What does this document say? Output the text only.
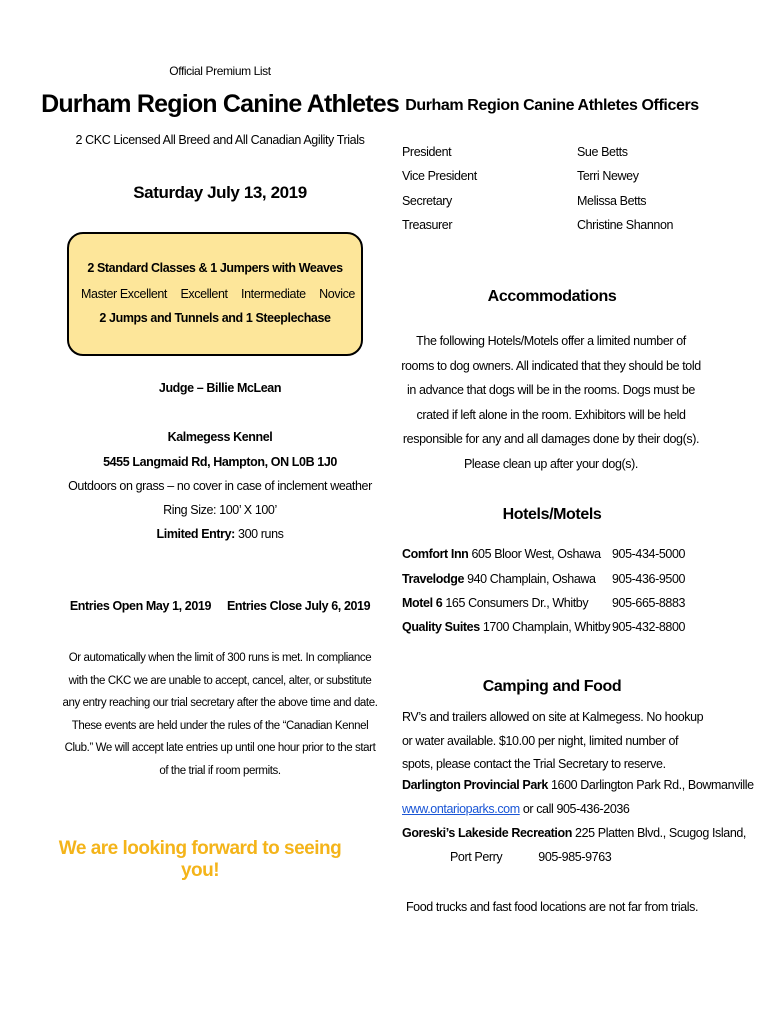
Official Premium List
Durham Region Canine Athletes
2 CKC Licensed All Breed and All Canadian Agility Trials
Saturday July 13, 2019
2 Standard Classes & 1 Jumpers with Weaves
Master Excellent Excellent Intermediate Novice
2 Jumps and Tunnels and 1 Steeplechase
Judge – Billie McLean
Kalmegess Kennel
5455 Langmaid Rd, Hampton, ON L0B 1J0
Outdoors on grass – no cover in case of inclement weather
Ring Size: 100’ X 100’
Limited Entry: 300 runs
Entries Open May 1, 2019 Entries Close July 6, 2019
Or automatically when the limit of 300 runs is met. In compliance with the CKC we are unable to accept, cancel, alter, or substitute any entry reaching our trial secretary after the above time and date. These events are held under the rules of the “Canadian Kennel Club.” We will accept late entries up until one hour prior to the start of the trial if room permits.
We are looking forward to seeing you!
Durham Region Canine Athletes Officers
President	Sue Betts
Vice President	Terri Newey
Secretary	Melissa Betts
Treasurer	Christine Shannon
Accommodations
The following Hotels/Motels offer a limited number of rooms to dog owners. All indicated that they should be told in advance that dogs will be in the rooms. Dogs must be crated if left alone in the room. Exhibitors will be held responsible for any and all damages done by their dog(s). Please clean up after your dog(s).
Hotels/Motels
Comfort Inn 605 Bloor West, Oshawa 905-434-5000
Travelodge 940 Champlain, Oshawa 905-436-9500
Motel 6 165 Consumers Dr., Whitby 905-665-8883
Quality Suites 1700 Champlain, Whitby 905-432-8800
Camping and Food
RV’s and trailers allowed on site at Kalmegess. No hookup or water available. $10.00 per night, limited number of spots, please contact the Trial Secretary to reserve.
Darlington Provincial Park 1600 Darlington Park Rd., Bowmanville
www.ontarioparks.com or call 905-436-2036
Goreski’s Lakeside Recreation 225 Platten Blvd., Scugog Island,
Port Perry	905-985-9763
Food trucks and fast food locations are not far from trials.
